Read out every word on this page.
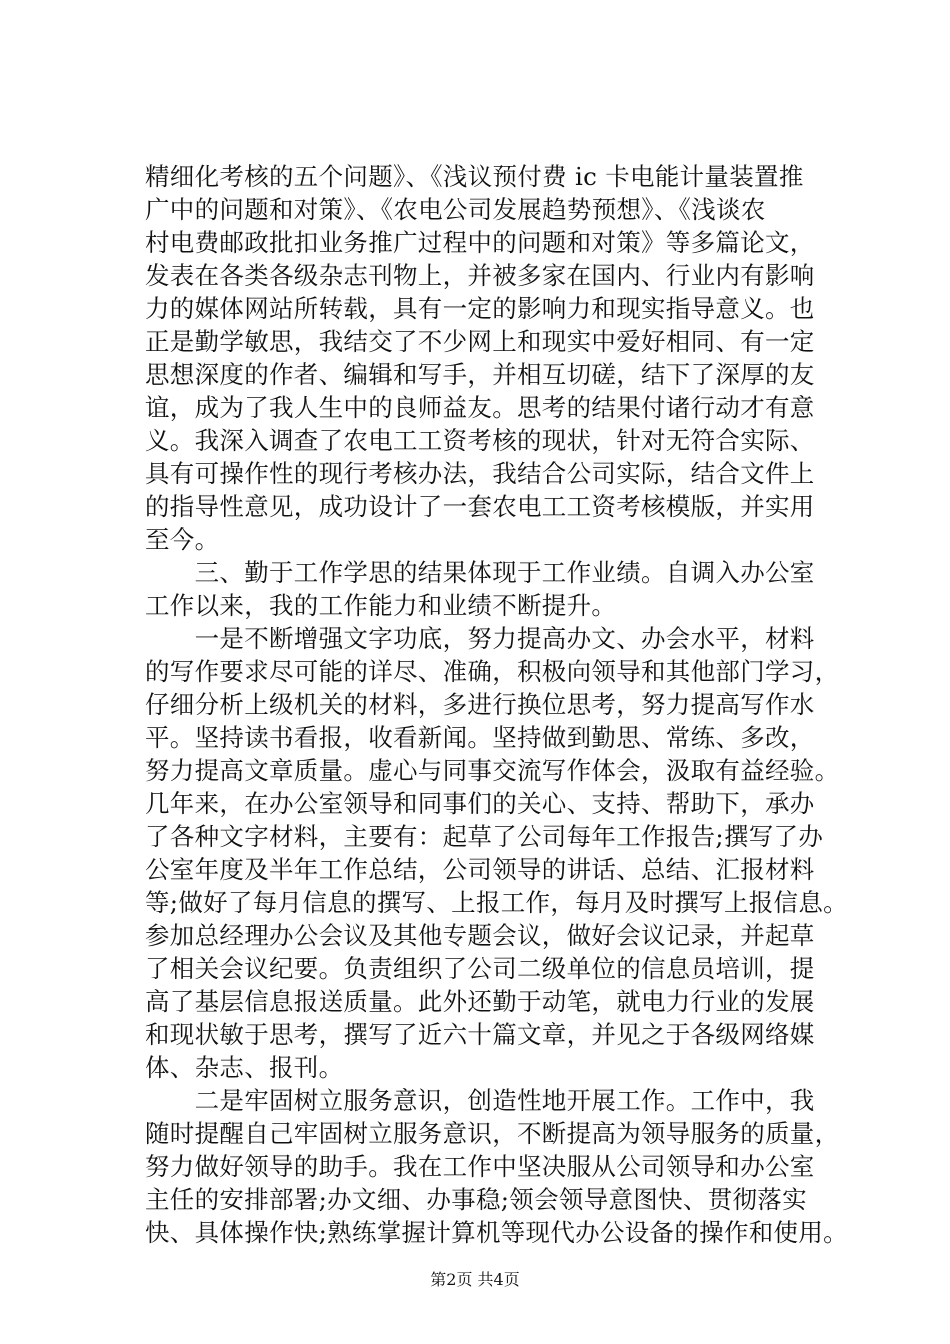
精细化考核的五个问题》、《浅议预付费 ic 卡电能计量装置推
广中的问题和对策》、《农电公司发展趋势预想》、《浅谈农
村电费邮政批扣业务推广过程中的问题和对策》等多篇论文，
发表在各类各级杂志刊物上，并被多家在国内、行业内有影响
力的媒体网站所转载，具有一定的影响力和现实指导意义。也
正是勤学敏思，我结交了不少网上和现实中爱好相同、有一定
思想深度的作者、编辑和写手，并相互切磋，结下了深厚的友
谊，成为了我人生中的良师益友。思考的结果付诸行动才有意
义。我深入调查了农电工工资考核的现状，针对无符合实际、
具有可操作性的现行考核办法，我结合公司实际，结合文件上
的指导性意见，成功设计了一套农电工工资考核模版，并实用
至今。
　　三、勤于工作学思的结果体现于工作业绩。自调入办公室
工作以来，我的工作能力和业绩不断提升。
　　一是不断增强文字功底，努力提高办文、办会水平，材料
的写作要求尽可能的详尽、准确，积极向领导和其他部门学习，
仔细分析上级机关的材料，多进行换位思考，努力提高写作水
平。坚持读书看报，收看新闻。坚持做到勤思、常练、多改，
努力提高文章质量。虚心与同事交流写作体会，汲取有益经验。
几年来，在办公室领导和同事们的关心、支持、帮助下，承办
了各种文字材料，主要有：起草了公司每年工作报告;撰写了办
公室年度及半年工作总结，公司领导的讲话、总结、汇报材料
等;做好了每月信息的撰写、上报工作，每月及时撰写上报信息。
参加总经理办公会议及其他专题会议，做好会议记录，并起草
了相关会议纪要。负责组织了公司二级单位的信息员培训，提
高了基层信息报送质量。此外还勤于动笔，就电力行业的发展
和现状敏于思考，撰写了近六十篇文章，并见之于各级网络媒
体、杂志、报刊。
　　二是牢固树立服务意识，创造性地开展工作。工作中，我
随时提醒自己牢固树立服务意识，不断提高为领导服务的质量，
努力做好领导的助手。我在工作中坚决服从公司领导和办公室
主任的安排部署;办文细、办事稳;领会领导意图快、贯彻落实
快、具体操作快;熟练掌握计算机等现代办公设备的操作和使用。
第2页 共4页
